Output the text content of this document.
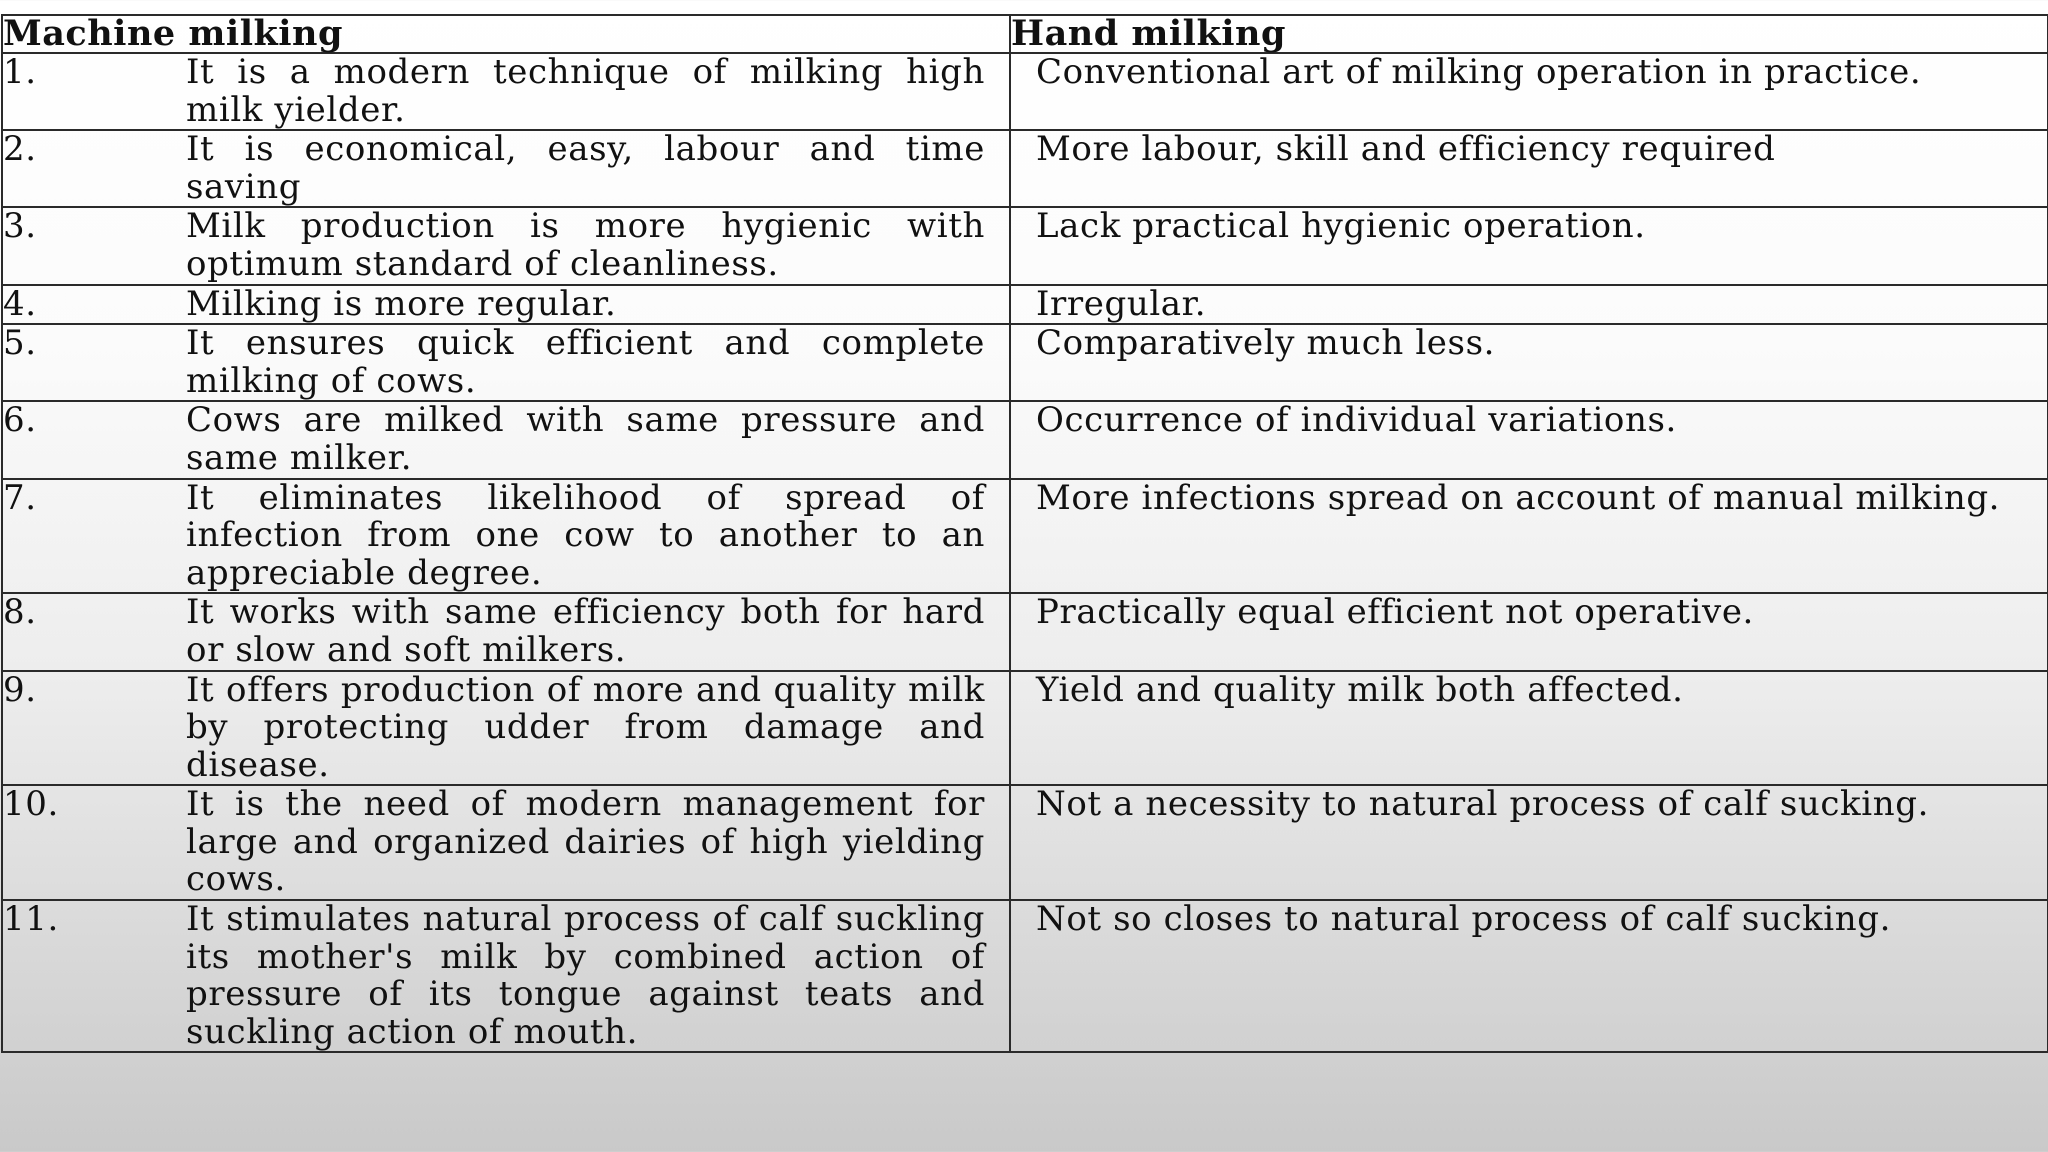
Machine milking	Hand milking

1. It is a modern technique of milking high milk yielder.	Conventional art of milking operation in practice.

2. It is economical, easy, labour and time saving	More labour, skill and efficiency required

3. Milk production is more hygienic with optimum standard of cleanliness.	Lack practical hygienic operation.

4. Milking is more regular.	Irregular.

5. It ensures quick efficient and complete milking of cows.	Comparatively much less.

6. Cows are milked with same pressure and same milker.	Occurrence of individual variations.

7. It eliminates likelihood of spread of infection from one cow to another to an appreciable degree.	More infections spread on account of manual milking.

8. It works with same efficiency both for hard or slow and soft milkers.	Practically equal efficient not operative.

9. It offers production of more and quality milk by protecting udder from damage and disease.	Yield and quality milk both affected.

10. It is the need of modern management for large and organized dairies of high yielding cows.	Not a necessity to natural process of calf sucking.

11. It stimulates natural process of calf suckling its mother's milk by combined action of pressure of its tongue against teats and suckling action of mouth.	Not so closes to natural process of calf sucking.
